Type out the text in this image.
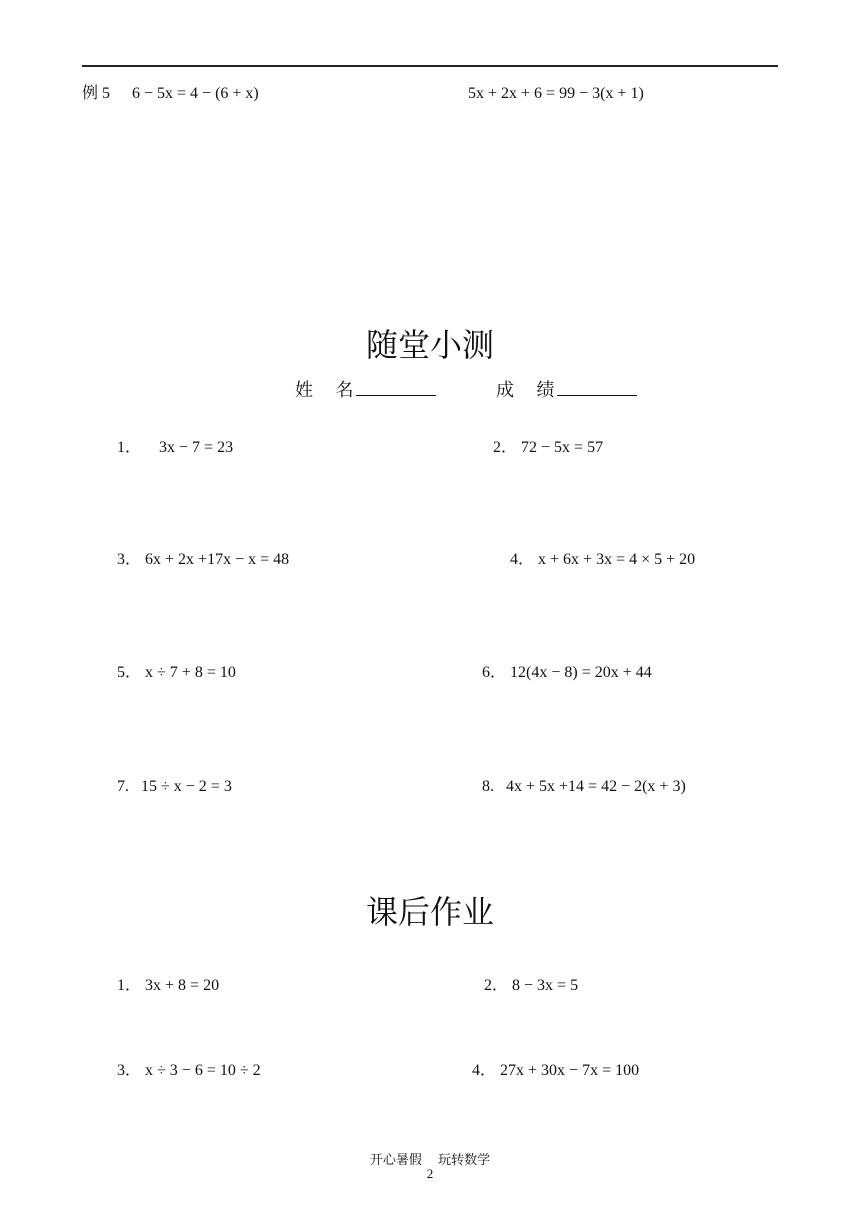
例 5 6 − 5x = 4 − (6 + x)	5x + 2x + 6 = 99 − 3(x + 1)
随堂小测
姓　 名	成　 绩
1． 3x − 7 = 23	2． 72 − 5x = 57
3． 6x + 2x +17x − x = 48	4． x + 6x + 3x = 4 × 5 + 20
5． x ÷ 7 + 8 = 10	6． 12(4x − 8) = 20x + 44
7. 15 ÷ x − 2 = 3	8. 4x + 5x +14 = 42 − 2(x + 3)
课后作业
1． 3x + 8 = 20	2． 8 − 3x = 5
3． x ÷ 3 − 6 = 10 ÷ 2	4． 27x + 30x − 7x = 100
开心暑假　 玩转数学
2
